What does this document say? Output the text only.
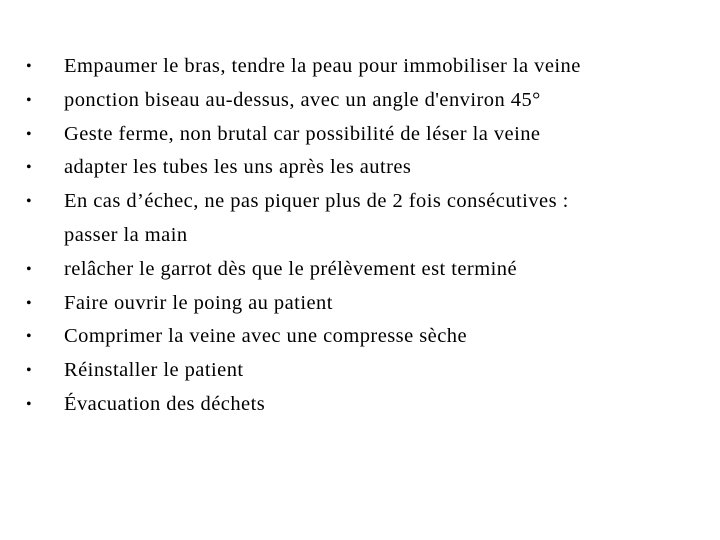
•	Empaumer le bras, tendre la peau pour immobiliser la veine
•	ponction biseau au-dessus, avec un angle d'environ 45°
•	Geste ferme, non brutal car possibilité de léser la veine
•	adapter les tubes les uns après les autres
•	En cas d’échec, ne pas piquer plus de 2 fois consécutives :
passer la main
•	relâcher le garrot dès que le prélèvement est terminé
•	Faire ouvrir le poing au patient
•	Comprimer la veine avec une compresse sèche
•	Réinstaller le patient
•	Évacuation des déchets
